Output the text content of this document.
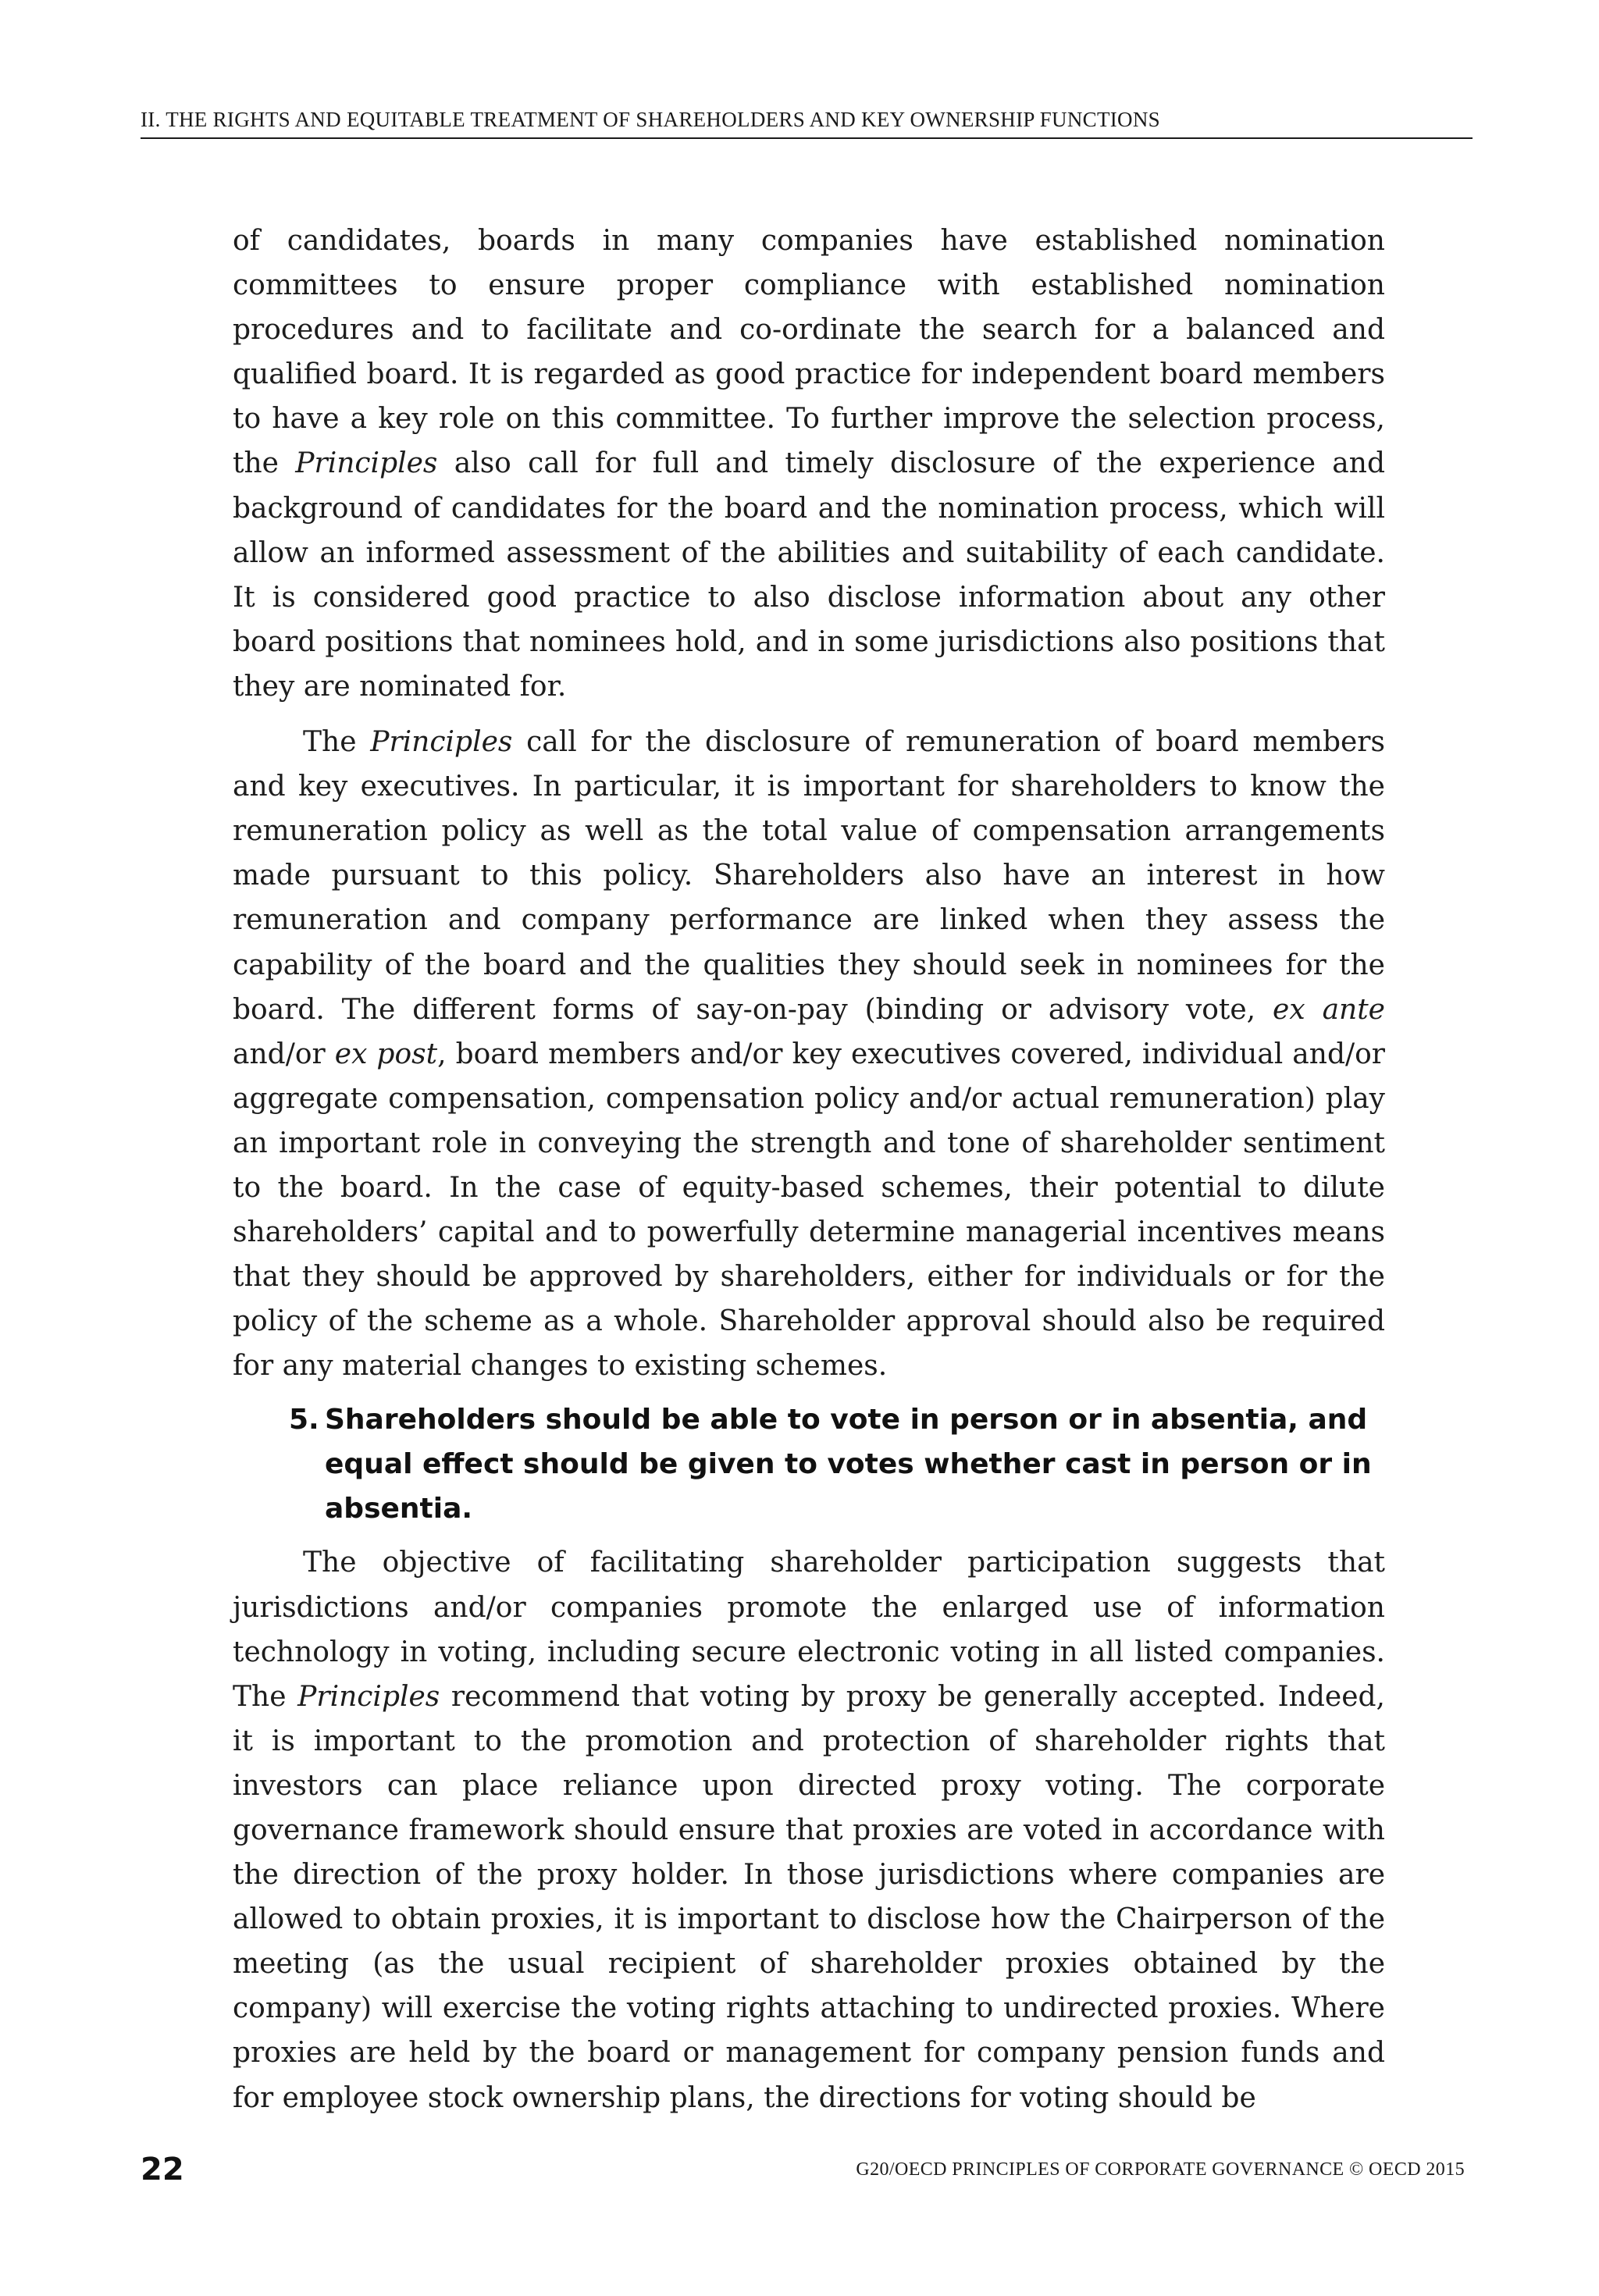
II. THE RIGHTS AND EQUITABLE TREATMENT OF SHAREHOLDERS AND KEY OWNERSHIP FUNCTIONS

of candidates, boards in many companies have established nomination committees to ensure proper compliance with established nomination procedures and to facilitate and co-ordinate the search for a balanced and qualified board. It is regarded as good practice for independent board members to have a key role on this committee. To further improve the selection process, the Principles also call for full and timely disclosure of the experience and background of candidates for the board and the nomination process, which will allow an informed assessment of the abilities and suitability of each candidate. It is considered good practice to also disclose information about any other board positions that nominees hold, and in some jurisdictions also positions that they are nominated for.

The Principles call for the disclosure of remuneration of board members and key executives. In particular, it is important for shareholders to know the remuneration policy as well as the total value of compensation arrangements made pursuant to this policy. Shareholders also have an interest in how remuneration and company performance are linked when they assess the capability of the board and the qualities they should seek in nominees for the board. The different forms of say-on-pay (binding or advisory vote, ex ante and/or ex post, board members and/or key executives covered, individual and/or aggregate compensation, compensation policy and/or actual remuneration) play an important role in conveying the strength and tone of shareholder sentiment to the board. In the case of equity-based schemes, their potential to dilute shareholders’ capital and to powerfully determine managerial incentives means that they should be approved by shareholders, either for individuals or for the policy of the scheme as a whole. Shareholder approval should also be required for any material changes to existing schemes.

5. Shareholders should be able to vote in person or in absentia, and equal effect should be given to votes whether cast in person or in absentia.

The objective of facilitating shareholder participation suggests that jurisdictions and/or companies promote the enlarged use of information technology in voting, including secure electronic voting in all listed companies. The Principles recommend that voting by proxy be generally accepted. Indeed, it is important to the promotion and protection of shareholder rights that investors can place reliance upon directed proxy voting. The corporate governance framework should ensure that proxies are voted in accordance with the direction of the proxy holder. In those jurisdictions where companies are allowed to obtain proxies, it is important to disclose how the Chairperson of the meeting (as the usual recipient of shareholder proxies obtained by the company) will exercise the voting rights attaching to undirected proxies. Where proxies are held by the board or management for company pension funds and for employee stock ownership plans, the directions for voting should be

22	G20/OECD PRINCIPLES OF CORPORATE GOVERNANCE © OECD 2015
